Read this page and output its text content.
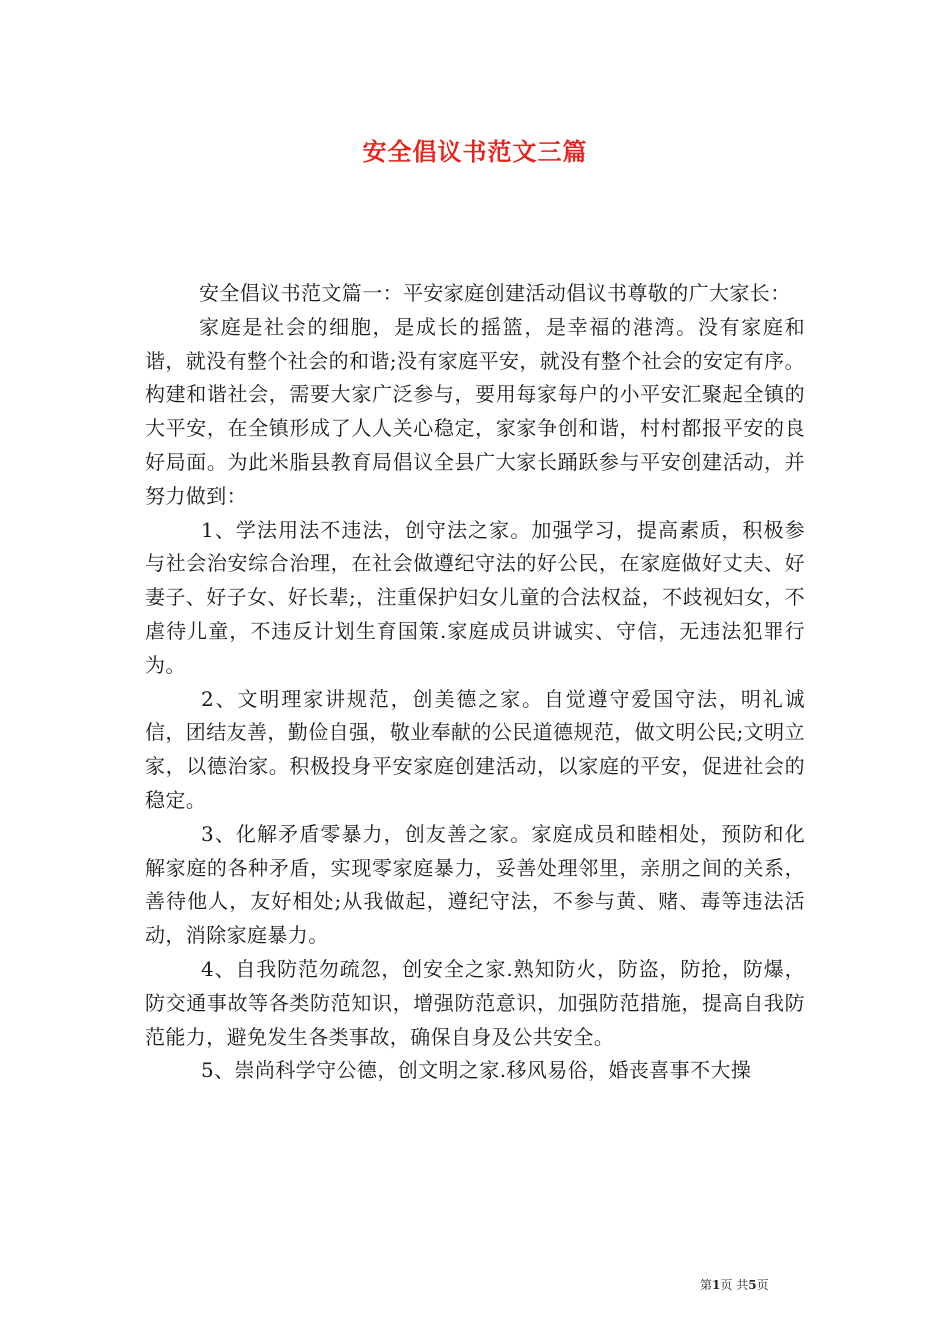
安全倡议书范文三篇

安全倡议书范文篇一：平安家庭创建活动倡议书尊敬的广大家长：

家庭是社会的细胞，是成长的摇篮，是幸福的港湾。没有家庭和谐，就没有整个社会的和谐;没有家庭平安，就没有整个社会的安定有序。构建和谐社会，需要大家广泛参与，要用每家每户的小平安汇聚起全镇的大平安，在全镇形成了人人关心稳定，家家争创和谐，村村都报平安的良好局面。为此米脂县教育局倡议全县广大家长踊跃参与平安创建活动，并努力做到：

1、学法用法不违法，创守法之家。加强学习，提高素质，积极参与社会治安综合治理，在社会做遵纪守法的好公民，在家庭做好丈夫、好妻子、好子女、好长辈;，注重保护妇女儿童的合法权益，不歧视妇女，不虐待儿童，不违反计划生育国策.家庭成员讲诚实、守信，无违法犯罪行为。

2、文明理家讲规范，创美德之家。自觉遵守爱国守法，明礼诚信，团结友善，勤俭自强，敬业奉献的公民道德规范，做文明公民;文明立家，以德治家。积极投身平安家庭创建活动，以家庭的平安，促进社会的稳定。

3、化解矛盾零暴力，创友善之家。家庭成员和睦相处，预防和化解家庭的各种矛盾，实现零家庭暴力，妥善处理邻里，亲朋之间的关系，善待他人，友好相处;从我做起，遵纪守法，不参与黄、赌、毒等违法活动，消除家庭暴力。

4、自我防范勿疏忽，创安全之家.熟知防火，防盗，防抢，防爆，防交通事故等各类防范知识，增强防范意识，加强防范措施，提高自我防范能力，避免发生各类事故，确保自身及公共安全。

5、崇尚科学守公德，创文明之家.移风易俗，婚丧喜事不大操

第1页 共5页
